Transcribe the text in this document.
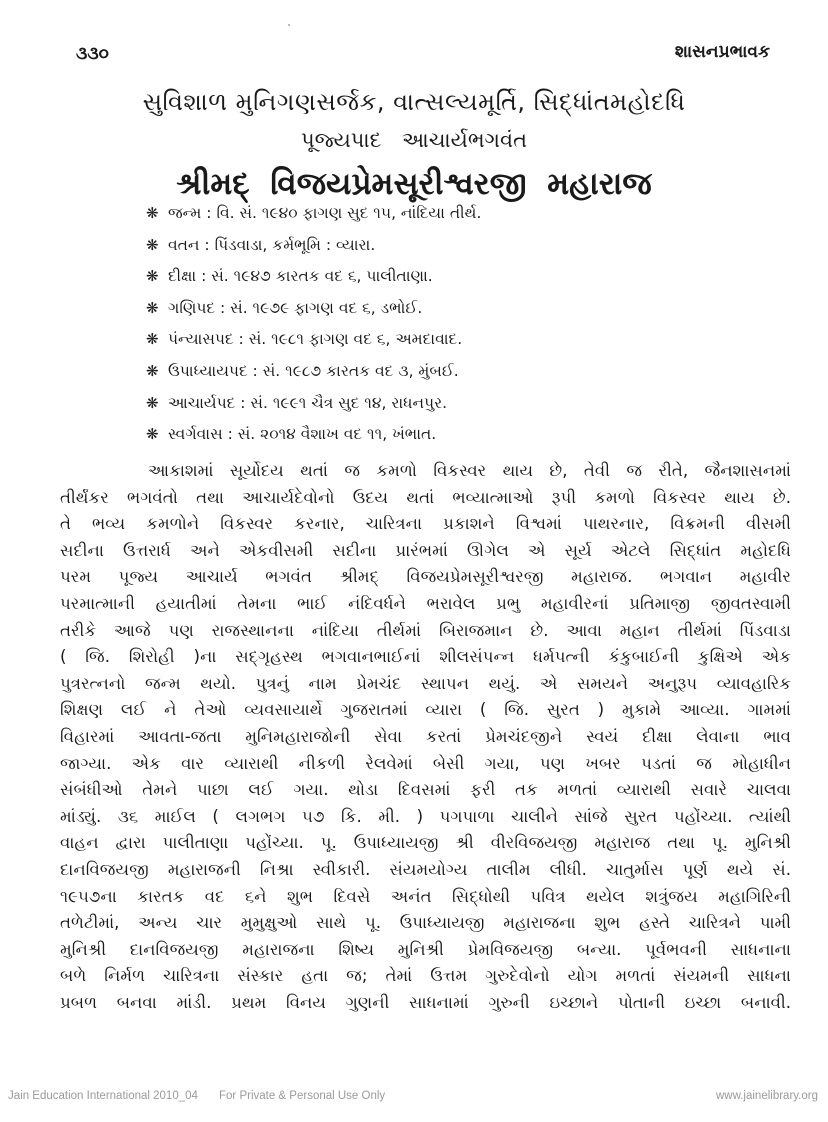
૩૩૦	શાસનપ્રભાવક
સુવિશાળ મુનિગણસર્જક, વાત્સલ્યમૂર્તિ, સિદ્ધાંતમહોદધિ
પૂજ્યપાદ આચાર્યભગવંત
શ્રીમદ્ વિજયપ્રેમસૂરીશ્વરજી મહારાજ
❋ જન્મ : વિ. સં. ૧૯૪૦ ફાગણ સુદ ૧૫, નાંદિયા તીર્થ.
❋ વતન : પિંડવાડા, કર્મભૂમિ : વ્યારા.
❋ દીક્ષા : સં. ૧૯૪૭ કારતક વદ ૬, પાલીતાણા.
❋ ગણિપદ : સં. ૧૯૭૯ ફાગણ વદ ૬, ડભોઈ.
❋ પંન્યાસપદ : સં. ૧૯૮૧ ફાગણ વદ ૬, અમદાવાદ.
❋ ઉપાધ્યાયપદ : સં. ૧૯૮૭ કારતક વદ ૩, મુંબઈ.
❋ આચાર્યપદ : સં. ૧૯૯૧ ચૈત્ર સુદ ૧૪, રાધનપુર.
❋ સ્વર્ગવાસ : સં. ૨૦૧૪ વૈશાખ વદ ૧૧, ખંભાત.

આકાશમાં સૂર્યોદય થતાં જ કમળો વિકસ્વર થાય છે, તેવી જ રીતે, જૈનશાસનમાં
તીર્થંકર ભગવંતો તથા આચાર્યદેવોનો ઉદય થતાં ભવ્યાત્માઓ રૂપી કમળો વિકસ્વર થાય છે.
તે ભવ્ય કમળોને વિકસ્વર કરનાર, ચારિત્રના પ્રકાશને વિશ્વમાં પાથરનાર, વિક્રમની વીસમી
સદીના ઉત્તરાર્ધ અને એકવીસમી સદીના પ્રારંભમાં ઊગેલ એ સૂર્ય એટલે સિદ્ધાંત મહોદધિ
પરમ પૂજ્ય આચાર્ય ભગવંત શ્રીમદ્ વિજયપ્રેમસૂરીશ્વરજી મહારાજ. ભગવાન મહાવીર
પરમાત્માની હયાતીમાં તેમના ભાઈ નંદિવર્ધને ભરાવેલ પ્રભુ મહાવીરનાં પ્રતિમાજી જીવતસ્વામી
તરીકે આજે પણ રાજસ્થાનના નાંદિયા તીર્થમાં બિરાજમાન છે. આવા મહાન તીર્થમાં પિંડવાડા
( જિ. શિરોહી )ના સદ્‌ગૃહસ્થ ભગવાનભાઈનાં શીલસંપન્ન ધર્મપત્ની કંકુબાઈની કુક્ષિએ એક
પુત્રરત્નનો જન્મ થયો. પુત્રનું નામ પ્રેમચંદ સ્થાપન થયું. એ સમયને અનુરૂપ વ્યાવહારિક
શિક્ષણ લઈ ને તેઓ વ્યવસાયાર્થે ગુજરાતમાં વ્યારા ( જિ. સુરત ) મુકામે આવ્યા. ગામમાં
વિહારમાં આવતા-જતા મુનિમહારાજોની સેવા કરતાં પ્રેમચંદજીને સ્વયં દીક્ષા લેવાના ભાવ
જાગ્યા. એક વાર વ્યારાથી નીકળી રેલવેમાં બેસી ગયા, પણ ખબર પડતાં જ મોહાધીન
સંબંધીઓ તેમને પાછા લઈ ગયા. થોડા દિવસમાં ફરી તક મળતાં વ્યારાથી સવારે ચાલવા
માંડ્યું. ૩૬ માઈલ ( લગભગ ૫૭ કિ. મી. ) પગપાળા ચાલીને સાંજે સુરત પહોંચ્યા. ત્યાંથી
વાહન દ્વારા પાલીતાણા પહોંચ્યા. પૂ. ઉપાધ્યાયજી શ્રી વીરવિજયજી મહારાજ તથા પૂ. મુનિશ્રી
દાનવિજયજી મહારાજની નિશ્રા સ્વીકારી. સંયમયોગ્ય તાલીમ લીધી. ચાતુર્માસ પૂર્ણ થયે સં.
૧૯૫૭ના કારતક વદ ૬ને શુભ દિવસે અનંત સિદ્ધોથી પવિત્ર થયેલ શત્રુંજય મહાગિરિની
તળેટીમાં, અન્ય ચાર મુમુક્ષુઓ સાથે પૂ. ઉપાધ્યાયજી મહારાજના શુભ હસ્તે ચારિત્રને પામી
મુનિશ્રી દાનવિજયજી મહારાજના શિષ્ય મુનિશ્રી પ્રેમવિજયજી બન્યા. પૂર્વભવની સાધનાના
બળે નિર્મળ ચારિત્રના સંસ્કાર હતા જ; તેમાં ઉત્તમ ગુરુદેવોનો યોગ મળતાં સંયમની સાધના
પ્રબળ બનવા માંડી. પ્રથમ વિનય ગુણની સાધનામાં ગુરુની ઇચ્છાને પોતાની ઇચ્છા બનાવી.

Jain Education International 2010_04 For Private & Personal Use Only	www.jainelibrary.org
